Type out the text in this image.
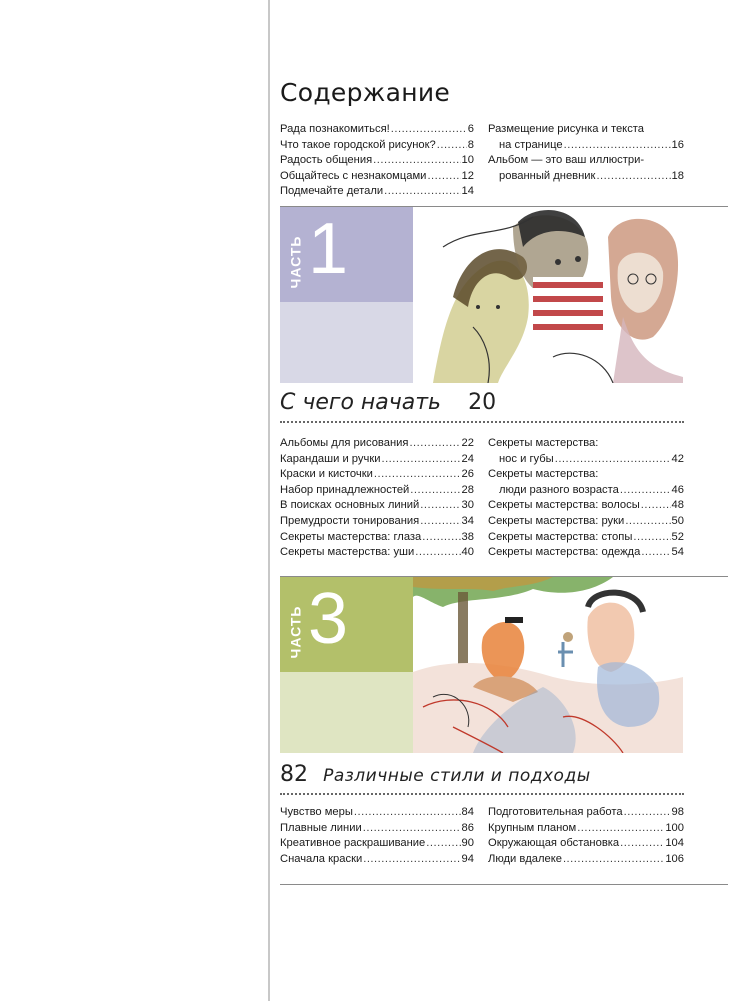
Содержание
Рада познакомиться! .....	6
Что такое городской рисунок? .....	8
Радость общения .....	10
Общайтесь с незнакомцами .....	12
Подмечайте детали .....	14
Размещение рисунка и текста
на странице .....	16
Альбом — это ваш иллюстри-
рованный дневник .....	18
ЧАСТЬ 1
С чего начать 20
Альбомы для рисования .....	22
Карандаши и ручки .....	24
Краски и кисточки .....	26
Набор принадлежностей .....	28
В поисках основных линий .....	30
Премудрости тонирования .....	34
Секреты мастерства: глаза .....	38
Секреты мастерства: уши .....	40
Секреты мастерства:
нос и губы .....	42
Секреты мастерства:
люди разного возраста .....	46
Секреты мастерства: волосы .....	48
Секреты мастерства: руки .....	50
Секреты мастерства: стопы .....	52
Секреты мастерства: одежда .....	54
ЧАСТЬ 3
82 Различные стили и подходы
Чувство меры .....	84
Плавные линии .....	86
Креативное раскрашивание .....	90
Сначала краски .....	94
Подготовительная работа .....	98
Крупным планом .....	100
Окружающая обстановка .....	104
Люди вдалеке .....	106
